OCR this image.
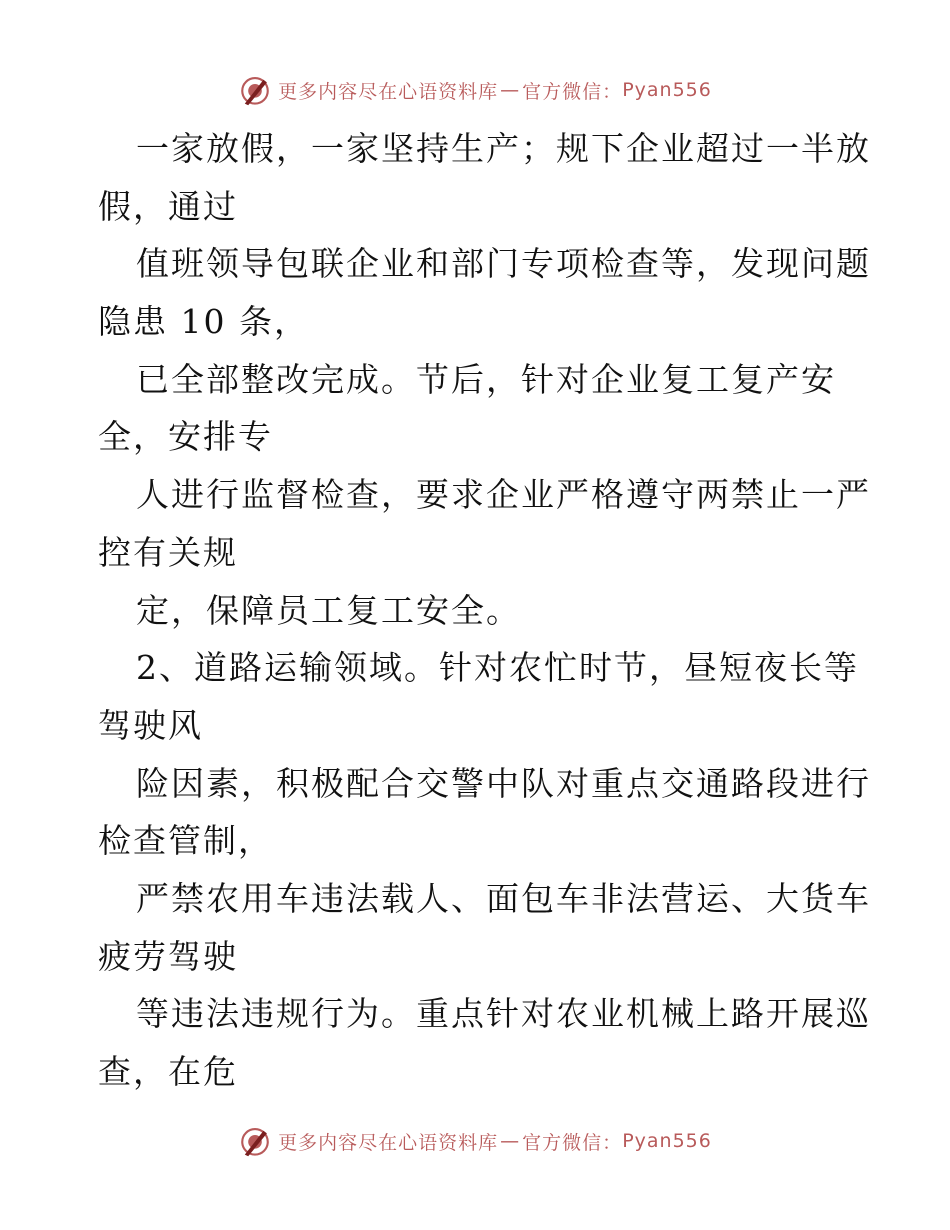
更多内容尽在心语资料库 — 官方微信： Pyan556
一家放假，一家坚持生产；规下企业超过一半放
假，通过
值班领导包联企业和部门专项检查等，发现问题
隐患 10 条，
已全部整改完成。节后，针对企业复工复产安
全，安排专
人进行监督检查，要求企业严格遵守两禁止一严
控有关规
定，保障员工复工安全。
2、道路运输领域。针对农忙时节，昼短夜长等
驾驶风
险因素，积极配合交警中队对重点交通路段进行
检查管制，
严禁农用车违法载人、面包车非法营运、大货车
疲劳驾驶
等违法违规行为。重点针对农业机械上路开展巡
查，在危
更多内容尽在心语资料库 — 官方微信： Pyan556
